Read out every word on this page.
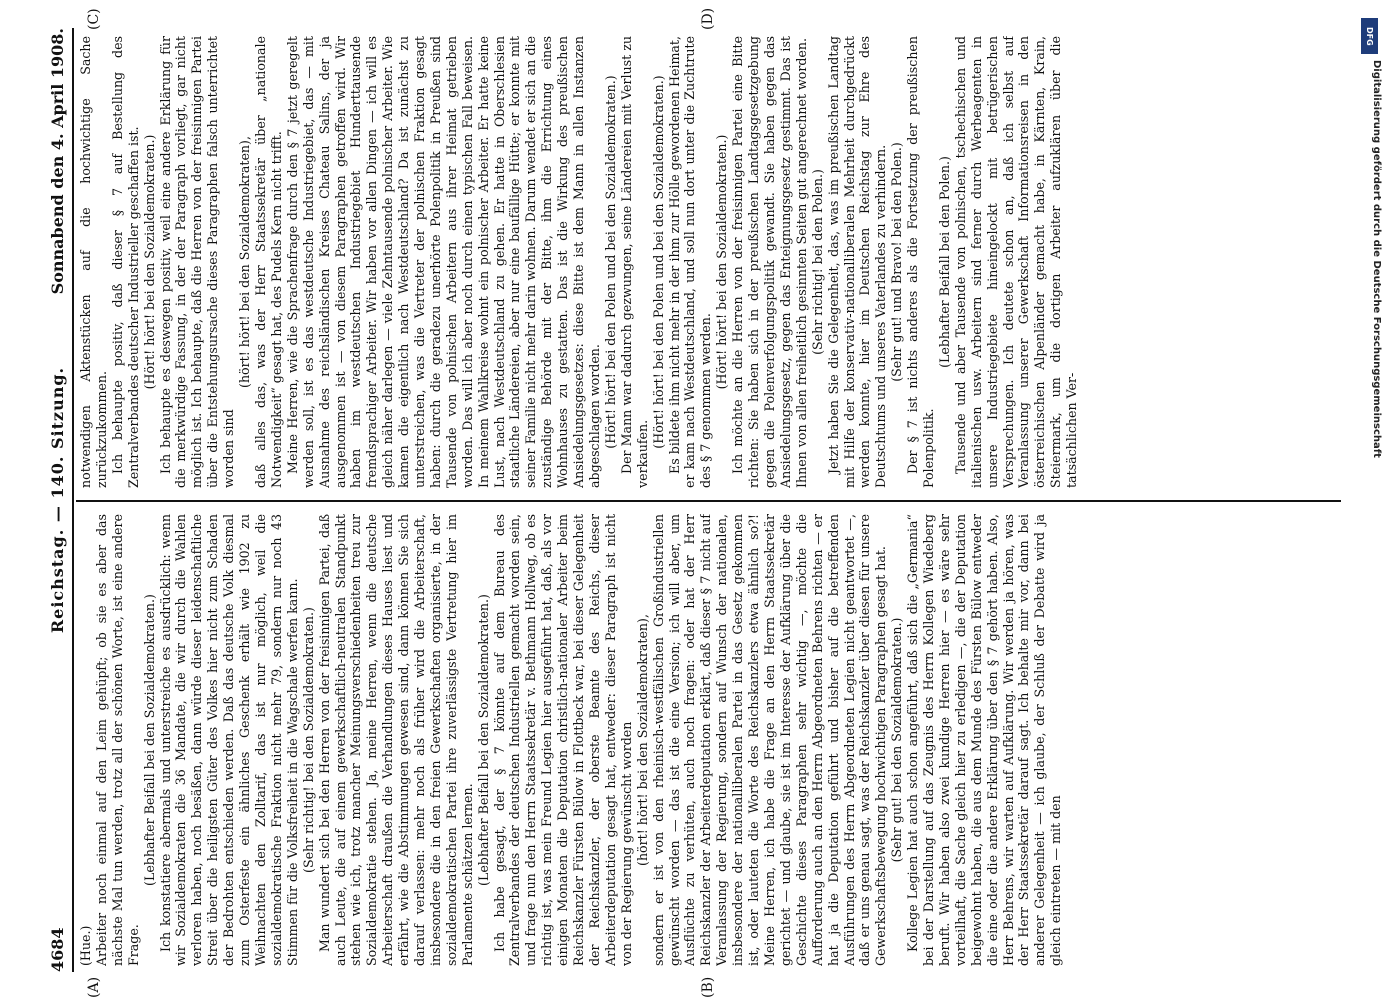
4684
Reichstag. — 140. Sitzung.
Sonnabend den 4. April 1908.
(A)	(B)
(C)	(D)

(Hue.) Arbeiter noch einmal auf den Leim gehüpft; ob sie es aber das nächste Mal tun werden, trotz all der schönen Worte, ist eine andere Frage.

(Lebhafter Beifall bei den Sozialdemokraten.) Ich konstatiere abermals und unterstreiche es ausdrücklich: wenn wir Sozialdemokraten die 36 Mandate, die wir durch die Wahlen verloren haben, noch besäßen, dann würde dieser leidenschaftliche Streit über die heiligsten Güter des Volkes hier nicht zum Schaden der Bedrohten entschieden werden. Daß das deutsche Volk diesmal zum Osterfeste ein ähnliches Geschenk erhält wie 1902 zu Weihnachten den Zolltarif, das ist nur möglich, weil die sozialdemokratische Fraktion nicht mehr 79, sondern nur noch 43 Stimmen für die Volksfreiheit in die Wagschale werfen kann. (Sehr richtig! bei den Sozialdemokraten.) Man wundert sich bei den Herren von der freisinnigen Partei, daß auch Leute, die auf einem gewerkschaftlich-neutralen Standpunkt stehen wie ich, trotz mancher Meinungsverschiedenheiten treu zur Sozialdemokratie stehen. Ja, meine Herren, wenn die deutsche Arbeiterschaft draußen die Verhandlungen dieses Hauses liest und erfährt, wie die Abstimmungen gewesen sind, dann können Sie sich darauf verlassen: mehr noch als früher wird die Arbeiterschaft, insbesondere die in den freien Gewerkschaften organisierte, in der sozialdemokratischen Partei ihre zuverlässigste Vertretung hier im Parlamente schätzen lernen. (Lebhafter Beifall bei den Sozialdemokraten.) Ich habe gesagt, der § 7 könnte auf dem Bureau des Zentralverbandes der deutschen Industriellen gemacht worden sein, und frage nun den Herrn Staatssekretär v. Bethmann Hollweg, ob es richtig ist, was mein Freund Legien hier ausgeführt hat, daß, als vor einigen Monaten die Deputation christlich-nationaler Arbeiter beim Reichskanzler Fürsten Bülow in Flottbeck war, bei dieser Gelegenheit der Reichskanzler, der oberste Beamte des Reichs, dieser Arbeiterdeputation gesagt hat, entweder: dieser Paragraph ist nicht von der Regierung gewünscht worden (hört! hört! bei den Sozialdemokraten), sondern er ist von den rheinisch-westfälischen Großindustriellen gewünscht worden — das ist die eine Version; ich will aber, um Ausflüchte zu verhüten, auch noch fragen: oder hat der Herr Reichskanzler der Arbeiterdeputation erklärt, daß dieser § 7 nicht auf Veranlassung der Regierung, sondern auf Wunsch der nationalen, insbesondere der nationalliberalen Partei in das Gesetz gekommen ist, oder lauteten die Worte des Reichskanzlers etwa ähnlich so?! Meine Herren, ich habe die Frage an den Herrn Staatssekretär gerichtet — und glaube, sie ist im Interesse der Aufklärung über die Geschichte dieses Paragraphen sehr wichtig —, möchte die Aufforderung auch an den Herrn Abgeordneten Behrens richten — er hat ja die Deputation geführt und bisher auf die betreffenden Ausführungen des Herrn Abgeordneten Legien nicht geantwortet —, daß er uns genau sagt, was der Reichskanzler über diesen für unsere Gewerkschaftsbewegung hochwichtigen Paragraphen gesagt hat. (Sehr gut! bei den Sozialdemokraten.) Kollege Legien hat auch schon angeführt, daß sich die „Germania“ bei der Darstellung auf das Zeugnis des Herrn Kollegen Wiedeberg beruft. Wir haben also zwei kundige Herren hier — es wäre sehr vorteilhaft, die Sache gleich hier zu erledigen —, die der Deputation beigewohnt haben, die aus dem Munde des Fürsten Bülow entweder die eine oder die andere Erklärung über den § 7 gehört haben. Also, Herr Behrens, wir warten auf Aufklärung. Wir werden ja hören, was der Herr Staatssekretär darauf sagt. Ich behalte mir vor, dann bei anderer Gelegenheit — ich glaube, der Schluß der Debatte wird ja gleich eintreten — mit den

notwendigen Aktenstücken auf die hochwichtige Sache zurückzukommen. Ich behaupte positiv, daß dieser § 7 auf Bestellung des Zentralverbandes deutscher Industrieller geschaffen ist. (Hört! hört! bei den Sozialdemokraten.) Ich behaupte es deswegen positiv, weil eine andere Erklärung für die merkwürdige Fassung, in der der Paragraph vorliegt, gar nicht möglich ist. Ich behaupte, daß die Herren von der freisinnigen Partei über die Entstehungsursache dieses Paragraphen falsch unterrichtet worden sind

(hört! hört! bei den Sozialdemokraten), daß alles das, was der Herr Staatssekretär über „nationale Notwendigkeit“ gesagt hat, des Pudels Kern nicht trifft. Meine Herren, wie die Sprachenfrage durch den § 7 jetzt geregelt werden soll, ist es das westdeutsche Industriegebiet, das — mit Ausnahme des reichsländischen Kreises Chateau Salins, der ja ausgenommen ist — von diesem Paragraphen getroffen wird. Wir haben im westdeutschen Industriegebiet Hunderttausende fremdsprachiger Arbeiter. Wir haben vor allen Dingen — ich will es gleich näher darlegen — viele Zehntausende polnischer Arbeiter. Wie kamen die eigentlich nach Westdeutschland? Da ist zunächst zu unterstreichen, was die Vertreter der polnischen Fraktion gesagt haben: durch die geradezu unerhörte Polenpolitik in Preußen sind Tausende von polnischen Arbeitern aus ihrer Heimat getrieben worden. Das will ich aber noch durch einen typischen Fall beweisen. In meinem Wahlkreise wohnt ein polnischer Arbeiter. Er hatte keine Lust, nach Westdeutschland zu gehen. Er hatte in Oberschlesien staatliche Ländereien, aber nur eine baufällige Hütte; er konnte mit seiner Familie nicht mehr darin wohnen. Darum wendet er sich an die zuständige Behörde mit der Bitte, ihm die Errichtung eines Wohnhauses zu gestatten. Das ist die Wirkung des preußischen Ansiedelungsgesetzes: diese Bitte ist dem Mann in allen Instanzen abgeschlagen worden. (Hört! hört! bei den Polen und bei den Sozialdemokraten.) Der Mann war dadurch gezwungen, seine Ländereien mit Verlust zu verkaufen.

(Hört! hört! bei den Polen und bei den Sozialdemokraten.) Es bildete ihm nicht mehr in der ihm zur Hölle gewordenen Heimat, er kam nach Westdeutschland, und soll nun dort unter die Zuchtrute des § 7 genommen werden.

(Hört! hört! bei den Sozialdemokraten.) Ich möchte an die Herren von der freisinnigen Partei eine Bitte richten: Sie haben sich in der preußischen Landtagsgesetzgebung gegen die Polenverfolgungspolitik gewandt. Sie haben gegen das Ansiedelungsgesetz, gegen das Enteignungsgesetz gestimmt. Das ist Ihnen von allen freiheitlich gesinnten Seiten gut angerechnet worden. (Sehr richtig! bei den Polen.) Jetzt haben Sie die Gelegenheit, das, was im preußischen Landtag mit Hilfe der konservativ-nationalliberalen Mehrheit durchgedrückt werden konnte, hier im Deutschen Reichstag zur Ehre des Deutschtums und unseres Vaterlandes zu verhindern. (Sehr gut! und Bravo! bei den Polen.) Der § 7 ist nichts anderes als die Fortsetzung der preußischen Polenpolitik.

(Lebhafter Beifall bei den Polen.) Tausende und aber Tausende von polnischen, tschechischen und italienischen usw. Arbeitern sind ferner durch Werbeagenten in unsere Industriegebiete hineingelockt mit betrügerischen Versprechungen. Ich deutete schon an, daß ich selbst auf Veranlassung unserer Gewerkschaft Informationsreisen in den österreichischen Alpenländer gemacht habe, in Kärnten, Krain, Steiermark, um die dortigen Arbeiter aufzuklären über die tatsächlichen Ver-

DFG
Digitalisierung gefördert durch die Deutsche Forschungsgemeinschaft
